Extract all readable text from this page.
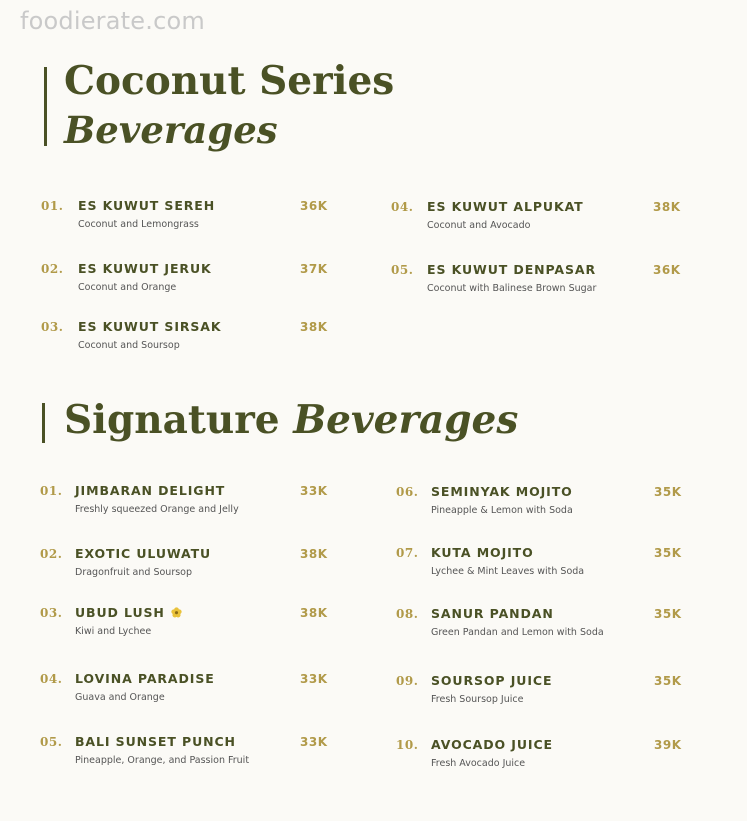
foodierate.com
Coconut Series
Beverages
01. ES KUWUT SEREH
Coconut and Lemongrass
36K
02. ES KUWUT JERUK
Coconut and Orange
37K
03. ES KUWUT SIRSAK
Coconut and Soursop
38K
04. ES KUWUT ALPUKAT
Coconut and Avocado
38K
05. ES KUWUT DENPASAR
Coconut with Balinese Brown Sugar
36K
Signature Beverages
01. JIMBARAN DELIGHT
Freshly squeezed Orange and Jelly
33K
02. EXOTIC ULUWATU
Dragonfruit and Soursop
38K
03. UBUD LUSH
Kiwi and Lychee
38K
04. LOVINA PARADISE
Guava and Orange
33K
05. BALI SUNSET PUNCH
Pineapple, Orange, and Passion Fruit
33K
06. SEMINYAK MOJITO
Pineapple & Lemon with Soda
35K
07. KUTA MOJITO
Lychee & Mint Leaves with Soda
35K
08. SANUR PANDAN
Green Pandan and Lemon with Soda
35K
09. SOURSOP JUICE
Fresh Soursop Juice
35K
10. AVOCADO JUICE
Fresh Avocado Juice
39K
